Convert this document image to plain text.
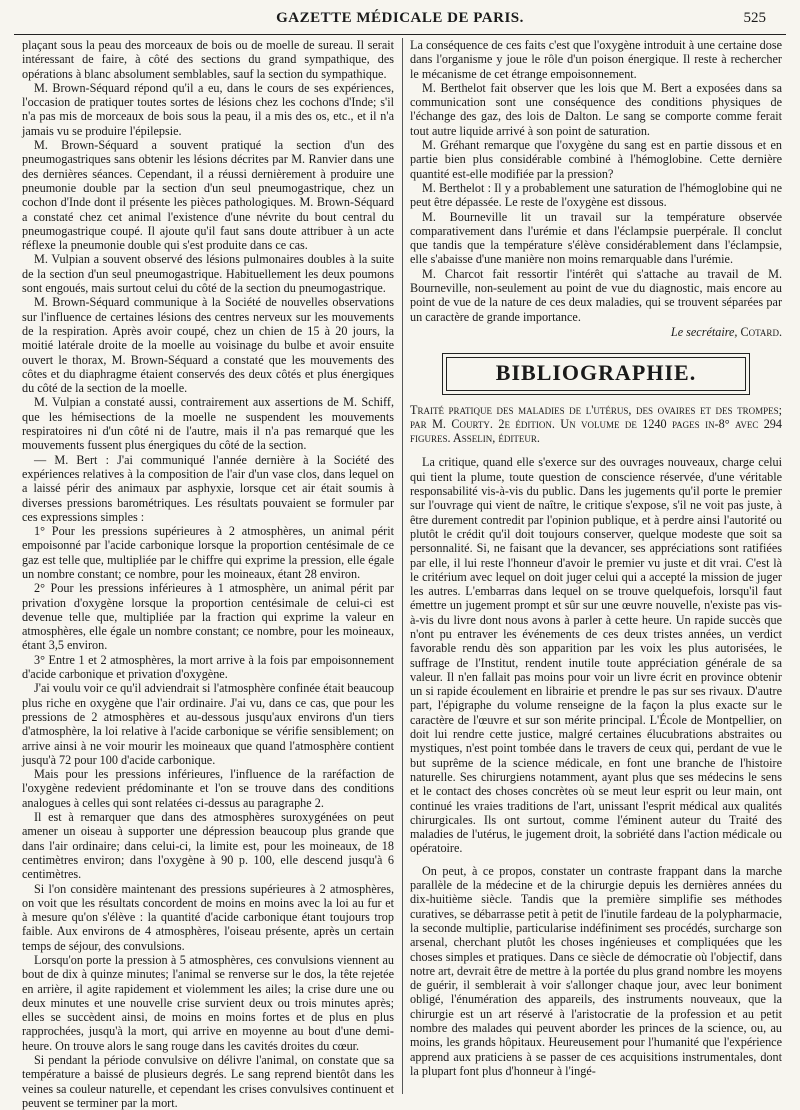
GAZETTE MÉDICALE DE PARIS.	525

plaçant sous la peau des morceaux de bois ou de moelle de sureau. Il serait intéressant de faire, à côté des sections du grand sympathique, des opérations à blanc absolument semblables, sauf la section du sympathique.

M. Brown-Séquard répond qu'il a eu, dans le cours de ses expériences, l'occasion de pratiquer toutes sortes de lésions chez les cochons d'Inde; s'il n'a pas mis de morceaux de bois sous la peau, il a mis des os, etc., et il n'a jamais vu se produire l'épilepsie.

M. Brown-Séquard a souvent pratiqué la section d'un des pneumogastriques sans obtenir les lésions décrites par M. Ranvier dans une des dernières séances. Cependant, il a réussi dernièrement à produire une pneumonie double par la section d'un seul pneumogastrique, chez un cochon d'Inde dont il présente les pièces pathologiques. M. Brown-Séquard a constaté chez cet animal l'existence d'une névrite du bout central du pneumogastrique coupé. Il ajoute qu'il faut sans doute attribuer à un acte réflexe la pneumonie double qui s'est produite dans ce cas.

M. Vulpian a souvent observé des lésions pulmonaires doubles à la suite de la section d'un seul pneumogastrique. Habituellement les deux poumons sont engoués, mais surtout celui du côté de la section du pneumogastrique.

M. Brown-Séquard communique à la Société de nouvelles observations sur l'influence de certaines lésions des centres nerveux sur les mouvements de la respiration. Après avoir coupé, chez un chien de 15 à 20 jours, la moitié latérale droite de la moelle au voisinage du bulbe et avoir ensuite ouvert le thorax, M. Brown-Séquard a constaté que les mouvements des côtes et du diaphragme étaient conservés des deux côtés et plus énergiques du côté de la section de la moelle.

M. Vulpian a constaté aussi, contrairement aux assertions de M. Schiff, que les hémisections de la moelle ne suspendent les mouvements respiratoires ni d'un côté ni de l'autre, mais il n'a pas remarqué que les mouvements fussent plus énergiques du côté de la section.

— M. Bert : J'ai communiqué l'année dernière à la Société des expériences relatives à la composition de l'air d'un vase clos, dans lequel on a laissé périr des animaux par asphyxie, lorsque cet air était soumis à diverses pressions barométriques. Les résultats pouvaient se formuler par ces expressions simples :

1° Pour les pressions supérieures à 2 atmosphères, un animal périt empoisonné par l'acide carbonique lorsque la proportion centésimale de ce gaz est telle que, multipliée par le chiffre qui exprime la pression, elle égale un nombre constant; ce nombre, pour les moineaux, étant 28 environ.

2° Pour les pressions inférieures à 1 atmosphère, un animal périt par privation d'oxygène lorsque la proportion centésimale de celui-ci est devenue telle que, multipliée par la fraction qui exprime la valeur en atmosphères, elle égale un nombre constant; ce nombre, pour les moineaux, étant 3,5 environ.

3° Entre 1 et 2 atmosphères, la mort arrive à la fois par empoisonnement d'acide carbonique et privation d'oxygène.

J'ai voulu voir ce qu'il adviendrait si l'atmosphère confinée était beaucoup plus riche en oxygène que l'air ordinaire. J'ai vu, dans ce cas, que pour les pressions de 2 atmosphères et au-dessous jusqu'aux environs d'un tiers d'atmosphère, la loi relative à l'acide carbonique se vérifie sensiblement; on arrive ainsi à ne voir mourir les moineaux que quand l'atmosphère contient jusqu'à 72 pour 100 d'acide carbonique.

Mais pour les pressions inférieures, l'influence de la raréfaction de l'oxygène redevient prédominante et l'on se trouve dans des conditions analogues à celles qui sont relatées ci-dessus au paragraphe 2.

Il est à remarquer que dans des atmosphères suroxygénées on peut amener un oiseau à supporter une dépression beaucoup plus grande que dans l'air ordinaire; dans celui-ci, la limite est, pour les moineaux, de 18 centimètres environ; dans l'oxygène à 90 p. 100, elle descend jusqu'à 6 centimètres.

Si l'on considère maintenant des pressions supérieures à 2 atmosphères, on voit que les résultats concordent de moins en moins avec la loi au fur et à mesure qu'on s'élève : la quantité d'acide carbonique étant toujours trop faible. Aux environs de 4 atmosphères, l'oiseau présente, après un certain temps de séjour, des convulsions.

Lorsqu'on porte la pression à 5 atmosphères, ces convulsions viennent au bout de dix à quinze minutes; l'animal se renverse sur le dos, la tête rejetée en arrière, il agite rapidement et violemment les ailes; la crise dure une ou deux minutes et une nouvelle crise survient deux ou trois minutes après; elles se succèdent ainsi, de moins en moins fortes et de plus en plus rapprochées, jusqu'à la mort, qui arrive en moyenne au bout d'une demi-heure. On trouve alors le sang rouge dans les cavités droites du cœur.

Si pendant la période convulsive on délivre l'animal, on constate que sa température a baissé de plusieurs degrés. Le sang reprend bientôt dans les veines sa couleur naturelle, et cependant les crises convulsives continuent et peuvent se terminer par la mort.

La conséquence de ces faits c'est que l'oxygène introduit à une certaine dose dans l'organisme y joue le rôle d'un poison énergique. Il reste à rechercher le mécanisme de cet étrange empoisonnement.

M. Berthelot fait observer que les lois que M. Bert a exposées dans sa communication sont une conséquence des conditions physiques de l'échange des gaz, des lois de Dalton. Le sang se comporte comme ferait tout autre liquide arrivé à son point de saturation.

M. Gréhant remarque que l'oxygène du sang est en partie dissous et en partie bien plus considérable combiné à l'hémoglobine. Cette dernière quantité est-elle modifiée par la pression?

M. Berthelot : Il y a probablement une saturation de l'hémoglobine qui ne peut être dépassée. Le reste de l'oxygène est dissous.

M. Bourneville lit un travail sur la température observée comparativement dans l'urémie et dans l'éclampsie puerpérale. Il conclut que tandis que la température s'élève considérablement dans l'éclampsie, elle s'abaisse d'une manière non moins remarquable dans l'urémie.

M. Charcot fait ressortir l'intérêt qui s'attache au travail de M. Bourneville, non-seulement au point de vue du diagnostic, mais encore au point de vue de la nature de ces deux maladies, qui se trouvent séparées par un caractère de grande importance.

Le secrétaire, Cotard.
BIBLIOGRAPHIE.

Traité pratique des maladies de l'utérus, des ovaires et des trompes; par M. Courty. 2e édition. Un volume de 1240 pages in-8° avec 294 figures. Asselin, éditeur.

La critique, quand elle s'exerce sur des ouvrages nouveaux, charge celui qui tient la plume, toute question de conscience réservée, d'une véritable responsabilité vis-à-vis du public. Dans les jugements qu'il porte le premier sur l'ouvrage qui vient de naître, le critique s'expose, s'il ne voit pas juste, à être durement contredit par l'opinion publique, et à perdre ainsi l'autorité ou plutôt le crédit qu'il doit toujours conserver, quelque modeste que soit sa personnalité. Si, ne faisant que la devancer, ses appréciations sont ratifiées par elle, il lui reste l'honneur d'avoir le premier vu juste et dit vrai. C'est là le critérium avec lequel on doit juger celui qui a accepté la mission de juger les autres. L'embarras dans lequel on se trouve quelquefois, lorsqu'il faut émettre un jugement prompt et sûr sur une œuvre nouvelle, n'existe pas vis-à-vis du livre dont nous avons à parler à cette heure. Un rapide succès que n'ont pu entraver les événements de ces deux tristes années, un verdict favorable rendu dès son apparition par les voix les plus autorisées, le suffrage de l'Institut, rendent inutile toute appréciation générale de sa valeur. Il n'en fallait pas moins pour voir un livre écrit en province obtenir un si rapide écoulement en librairie et prendre le pas sur ses rivaux. D'autre part, l'épigraphe du volume renseigne de la façon la plus exacte sur le caractère de l'œuvre et sur son mérite principal. L'École de Montpellier, on doit lui rendre cette justice, malgré certaines élucubrations abstraites ou mystiques, n'est point tombée dans le travers de ceux qui, perdant de vue le but suprême de la science médicale, en font une branche de l'histoire naturelle. Ses chirurgiens notamment, ayant plus que ses médecins le sens et le contact des choses concrètes où se meut leur esprit ou leur main, ont continué les vraies traditions de l'art, unissant l'esprit médical aux qualités chirurgicales. Ils ont surtout, comme l'éminent auteur du Traité des maladies de l'utérus, le jugement droit, la sobriété dans l'action médicale ou opératoire.

On peut, à ce propos, constater un contraste frappant dans la marche parallèle de la médecine et de la chirurgie depuis les dernières années du dix-huitième siècle. Tandis que la première simplifie ses méthodes curatives, se débarrasse petit à petit de l'inutile fardeau de la polypharmacie, la seconde multiplie, particularise indéfiniment ses procédés, surcharge son arsenal, cherchant plutôt les choses ingénieuses et compliquées que les choses simples et pratiques. Dans ce siècle de démocratie où l'objectif, dans notre art, devrait être de mettre à la portée du plus grand nombre les moyens de guérir, il semblerait à voir s'allonger chaque jour, avec leur boniment obligé, l'énumération des appareils, des instruments nouveaux, que la chirurgie est un art réservé à l'aristocratie de la profession et au petit nombre des malades qui peuvent aborder les princes de la science, ou, au moins, les grands hôpitaux. Heureusement pour l'humanité que l'expérience apprend aux praticiens à se passer de ces acquisitions instrumentales, dont la plupart font plus d'honneur à l'ingé-
